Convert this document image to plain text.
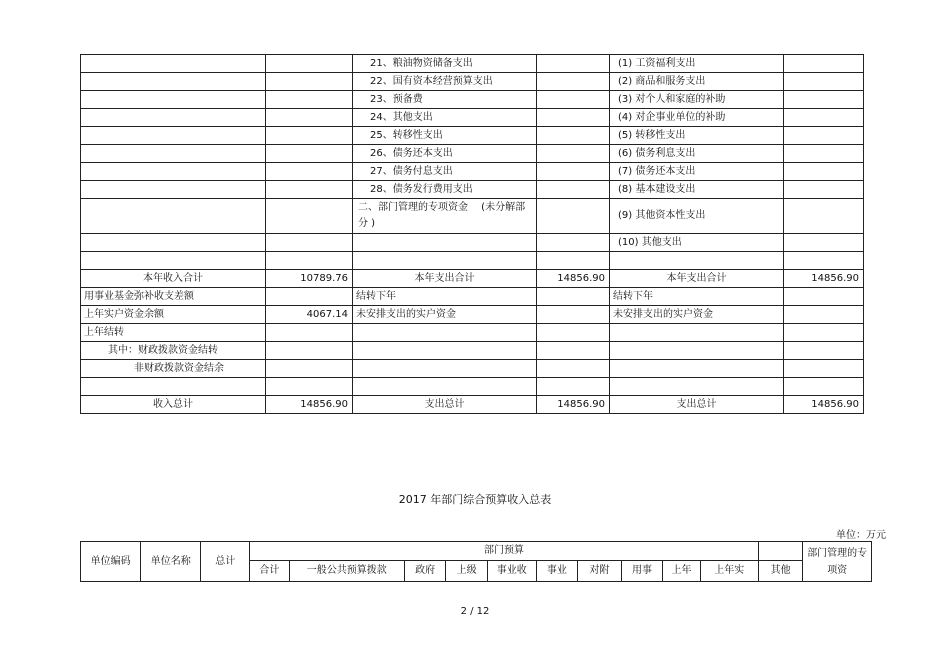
		21、粮油物资储备支出		(1) 工资福利支出	
		22、国有资本经营预算支出		(2) 商品和服务支出	
		23、预备费		(3) 对个人和家庭的补助	
		24、其他支出		(4) 对企事业单位的补助	
		25、转移性支出		(5) 转移性支出	
		26、债务还本支出		(6) 债务利息支出	
		27、债务付息支出		(7) 债务还本支出	
		28、债务发行费用支出		(8) 基本建设支出	
		二、部门管理的专项资金　 (未分解部分 )		(9) 其他资本性支出	
				(10) 其他支出	

本年收入合计	10789.76	本年支出合计	14856.90	本年支出合计	14856.90
用事业基金弥补收支差额		结转下年		结转下年	
上年实户资金余额	4067.14	未安排支出的实户资金		未安排支出的实户资金	
上年结转					
其中：财政拨款资金结转					
非财政拨款资金结余					

收入总计	14856.90	支出总计	14856.90	支出总计	14856.90
2017 年部门综合预算收入总表
单位：万元
单位编码	单位名称	总计	部门预算											部门管理的专项资
			合计	一般公共预算拨款	政府	上级	事业收	事业	对附	用事	上年	上年实	其他	
2 / 12
